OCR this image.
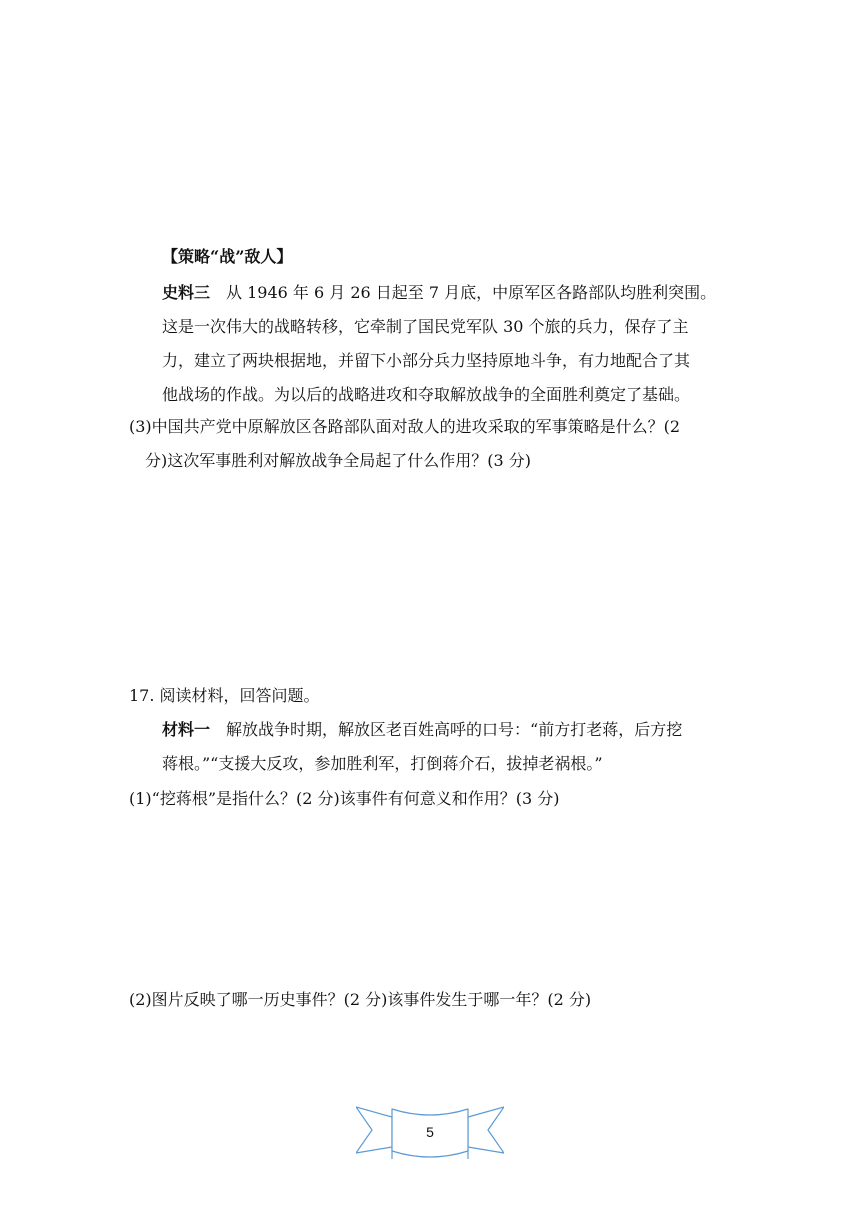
【策略“战”敌人】
史料三 从 1946 年 6 月 26 日起至 7 月底，中原军区各路部队均胜利突围。
这是一次伟大的战略转移，它牵制了国民党军队 30 个旅的兵力，保存了主
力，建立了两块根据地，并留下小部分兵力坚持原地斗争，有力地配合了其
他战场的作战。为以后的战略进攻和夺取解放战争的全面胜利奠定了基础。
(3)中国共产党中原解放区各路部队面对敌人的进攻采取的军事策略是什么？(2
分)这次军事胜利对解放战争全局起了什么作用？(3 分)
17. 阅读材料，回答问题。
材料一 解放战争时期，解放区老百姓高呼的口号：“前方打老蒋，后方挖
蒋根。”“支援大反攻，参加胜利军，打倒蒋介石，拔掉老祸根。”
(1)“挖蒋根”是指什么？(2 分)该事件有何意义和作用？(3 分)
(2)图片反映了哪一历史事件？(2 分)该事件发生于哪一年？(2 分)
5
